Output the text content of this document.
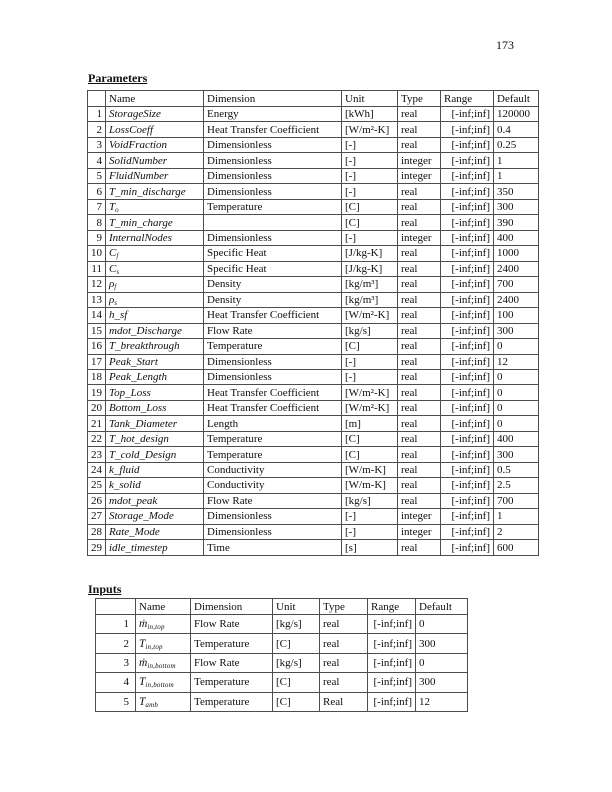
173
Parameters
	Name	Dimension	Unit	Type	Range	Default
1	StorageSize	Energy	[kWh]	real	[-inf;inf]	120000
2	LossCoeff	Heat Transfer Coefficient	[W/m²-K]	real	[-inf;inf]	0.4
3	VoidFraction	Dimensionless	[-]	real	[-inf;inf]	0.25
4	SolidNumber	Dimensionless	[-]	integer	[-inf;inf]	1
5	FluidNumber	Dimensionless	[-]	integer	[-inf;inf]	1
6	T_min_discharge	Dimensionless	[-]	real	[-inf;inf]	350
7	$T_o$	Temperature	[C]	real	[-inf;inf]	300
8	T_min_charge		[C]	real	[-inf;inf]	390
9	InternalNodes	Dimensionless	[-]	integer	[-inf;inf]	400
10	$C_f$	Specific Heat	[J/kg-K]	real	[-inf;inf]	1000
11	$C_s$	Specific Heat	[J/kg-K]	real	[-inf;inf]	2400
12	$\rho_f$	Density	[kg/m³]	real	[-inf;inf]	700
13	$\rho_s$	Density	[kg/m³]	real	[-inf;inf]	2400
14	h_sf	Heat Transfer Coefficient	[W/m²-K]	real	[-inf;inf]	100
15	mdot_Discharge	Flow Rate	[kg/s]	real	[-inf;inf]	300
16	T_breakthrough	Temperature	[C]	real	[-inf;inf]	0
17	Peak_Start	Dimensionless	[-]	real	[-inf;inf]	12
18	Peak_Length	Dimensionless	[-]	real	[-inf;inf]	0
19	Top_Loss	Heat Transfer Coefficient	[W/m²-K]	real	[-inf;inf]	0
20	Bottom_Loss	Heat Transfer Coefficient	[W/m²-K]	real	[-inf;inf]	0
21	Tank_Diameter	Length	[m]	real	[-inf;inf]	0
22	T_hot_design	Temperature	[C]	real	[-inf;inf]	400
23	T_cold_Design	Temperature	[C]	real	[-inf;inf]	300
24	k_fluid	Conductivity	[W/m-K]	real	[-inf;inf]	0.5
25	k_solid	Conductivity	[W/m-K]	real	[-inf;inf]	2.5
26	mdot_peak	Flow Rate	[kg/s]	real	[-inf;inf]	700
27	Storage_Mode	Dimensionless	[-]	integer	[-inf;inf]	1
28	Rate_Mode	Dimensionless	[-]	integer	[-inf;inf]	2
29	idle_timestep	Time	[s]	real	[-inf;inf]	600
Inputs
	Name	Dimension	Unit	Type	Range	Default
1	ṁ$_{in,top}$	Flow Rate	[kg/s]	real	[-inf;inf]	0
2	$T_{in,top}$	Temperature	[C]	real	[-inf;inf]	300
3	ṁ$_{in,bottom}$	Flow Rate	[kg/s]	real	[-inf;inf]	0
4	$T_{in,bottom}$	Temperature	[C]	real	[-inf;inf]	300
5	$T_{amb}$	Temperature	[C]	Real	[-inf;inf]	12
